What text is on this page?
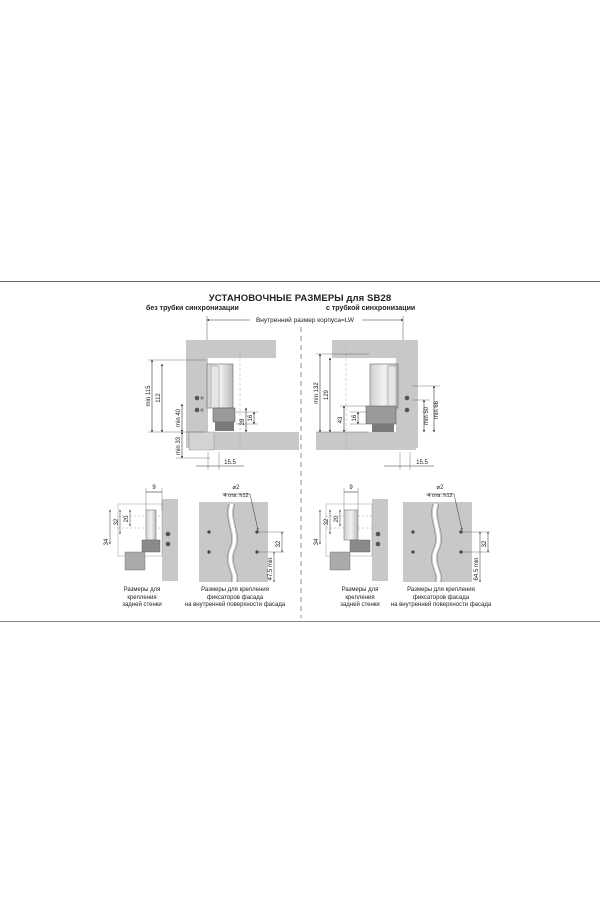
УСТАНОВОЧНЫЕ РАЗМЕРЫ для SB28
без трубки синхронизации	с трубкой синхронизации
Внутренний размер корпуса=LW
min 115 112
min 40
min 33
16
28
15.5
min 132 129
43 16	min 50 min 66
15.5
9
34
32 20
⌀2
4 отв. h12
32
47.5 min
9
34
32 20
⌀2
4 отв. h12
32
64.5 min
Размеры для
крепления
задней стенки
Размеры для крепления
фиксаторов фасада
на внутренней поверхности фасада
Размеры для
крепления
задней стенки
Размеры для крепления
фиксаторов фасада
на внутренней поверхности фасада
